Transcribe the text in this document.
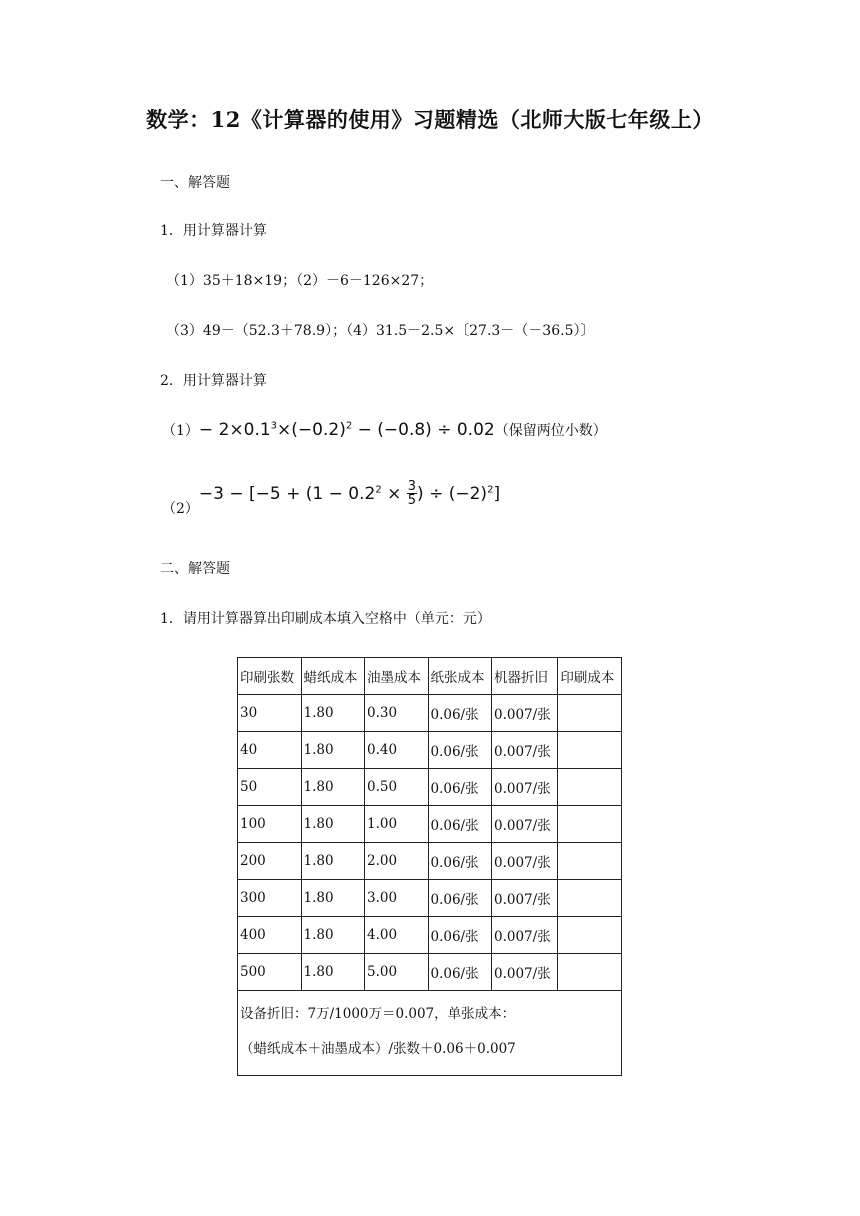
数学：12《计算器的使用》习题精选（北师大版七年级上）
一、解答题
1．用计算器计算
（1）35＋18×19；（2）－6－126×27；
（3）49－（52.3＋78.9）；（4）31.5－2.5×〔27.3－（－36.5）〕
2．用计算器计算
$(1)- 2\times 0.1^3\times(-0.2)^2 - (-0.8) \div 0.02$（保留两位小数）
$(2)-3 - [-5 + (1 - 0.2^2 \times \frac{3}{5}$ ) ÷ $(-2)^2$]
二、解答题
1．请用计算器算出印刷成本填入空格中（单元：元）
印刷张数	蜡纸成本	油墨成本	纸张成本	机器折旧	印刷成本
30	1.80	0.30	0.06/张	0.007/张	
40	1.80	0.40	0.06/张	0.007/张	
50	1.80	0.50	0.06/张	0.007/张	
100	1.80	1.00	0.06/张	0.007/张	
200	1.80	2.00	0.06/张	0.007/张	
300	1.80	3.00	0.06/张	0.007/张	
400	1.80	4.00	0.06/张	0.007/张	
500	1.80	5.00	0.06/张	0.007/张	

设备折旧：7万/1000万＝0.007，单张成本：
（蜡纸成本＋油墨成本）/张数＋0.06＋0.007					
